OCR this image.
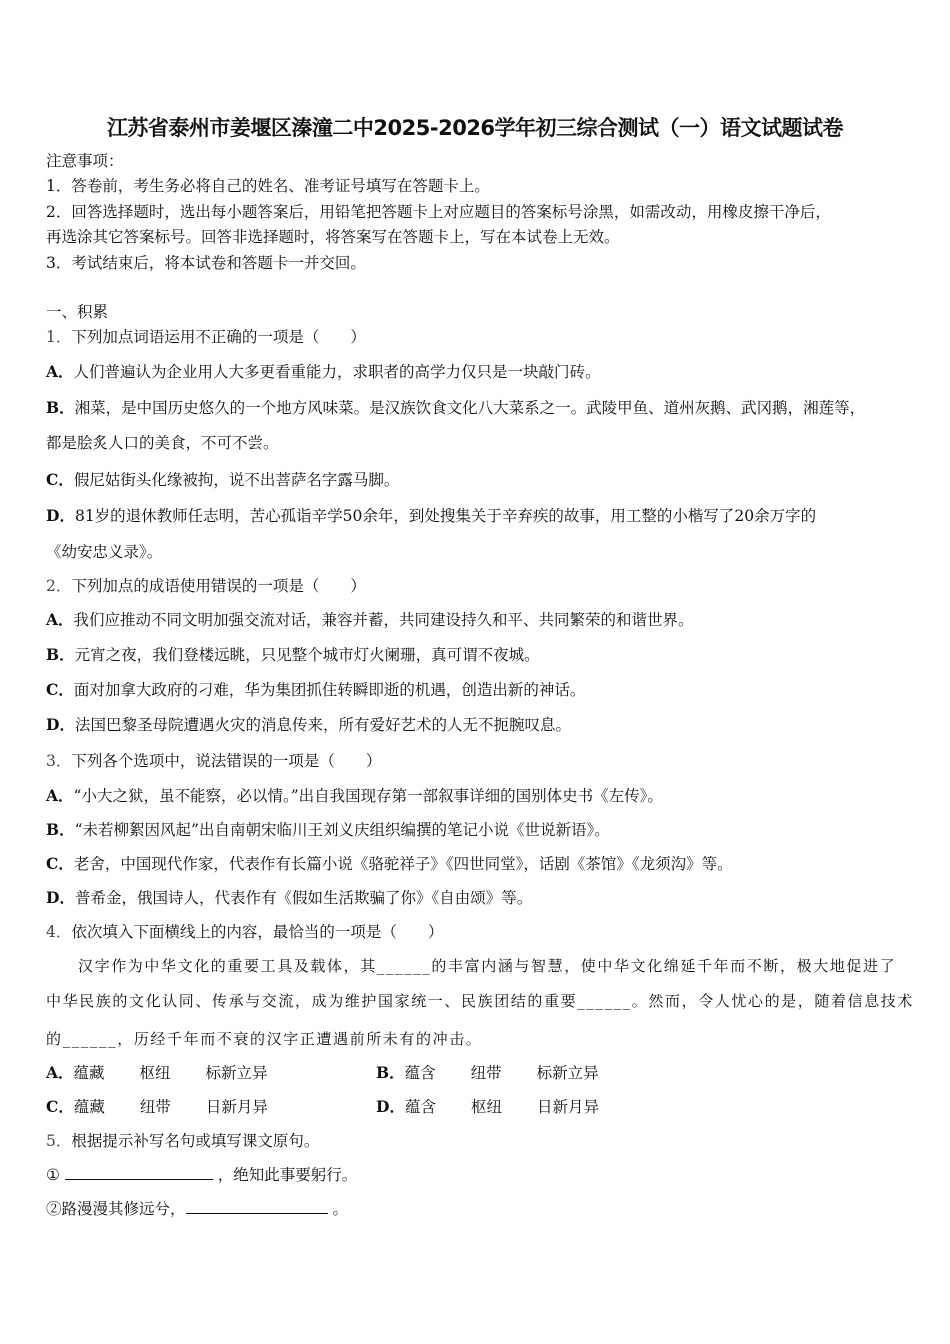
江苏省泰州市姜堰区溱潼二中2025-2026学年初三综合测试（一）语文试题试卷
注意事项：
1．答卷前，考生务必将自己的姓名、准考证号填写在答题卡上。
2．回答选择题时，选出每小题答案后，用铅笔把答题卡上对应题目的答案标号涂黑，如需改动，用橡皮擦干净后，
再选涂其它答案标号。回答非选择题时，将答案写在答题卡上，写在本试卷上无效。
3．考试结束后，将本试卷和答题卡一并交回。
一、积累
1．下列加点词语运用不正确的一项是（　　）
A．人们普遍认为企业用人大多更看重能力，求职者的高学力仅只是一块敲门砖。
B．湘菜，是中国历史悠久的一个地方风味菜。是汉族饮食文化八大菜系之一。武陵甲鱼、道州灰鹅、武冈鹅，湘莲等，
都是脍炙人口的美食，不可不尝。
C．假尼姑街头化缘被拘，说不出菩萨名字露马脚。
D．81岁的退休教师任志明，苦心孤诣辛学50余年，到处搜集关于辛弃疾的故事，用工整的小楷写了20余万字的
《幼安忠义录》。
2．下列加点的成语使用错误的一项是（　　）
A．我们应推动不同文明加强交流对话，兼容并蓄，共同建设持久和平、共同繁荣的和谐世界。
B．元宵之夜，我们登楼远眺，只见整个城市灯火阑珊，真可谓不夜城。
C．面对加拿大政府的刁难，华为集团抓住转瞬即逝的机遇，创造出新的神话。
D．法国巴黎圣母院遭遇火灾的消息传来，所有爱好艺术的人无不扼腕叹息。
3．下列各个选项中，说法错误的一项是（　　）
A．“小大之狱，虽不能察，必以情。”出自我国现存第一部叙事详细的国别体史书《左传》。
B．“未若柳絮因风起”出自南朝宋临川王刘义庆组织编撰的笔记小说《世说新语》。
C．老舍，中国现代作家，代表作有长篇小说《骆驼祥子》《四世同堂》，话剧《茶馆》《龙须沟》等。
D．普希金，俄国诗人，代表作有《假如生活欺骗了你》《自由颂》等。
4．依次填入下面横线上的内容，最恰当的一项是（　　）
汉字作为中华文化的重要工具及载体，其______的丰富内涵与智慧，使中华文化绵延千年而不断，极大地促进了
中华民族的文化认同、传承与交流，成为维护国家统一、民族团结的重要______。然而，令人忧心的是，随着信息技术
的______，历经千年而不衰的汉字正遭遇前所未有的冲击。
A．蕴藏 枢纽 标新立异	B．蕴含 纽带 标新立异
C．蕴藏 纽带 日新月异	D．蕴含 枢纽 日新月异
5．根据提示补写名句或填写课文原句。
①	，绝知此事要躬行。
②路漫漫其修远兮，	。
